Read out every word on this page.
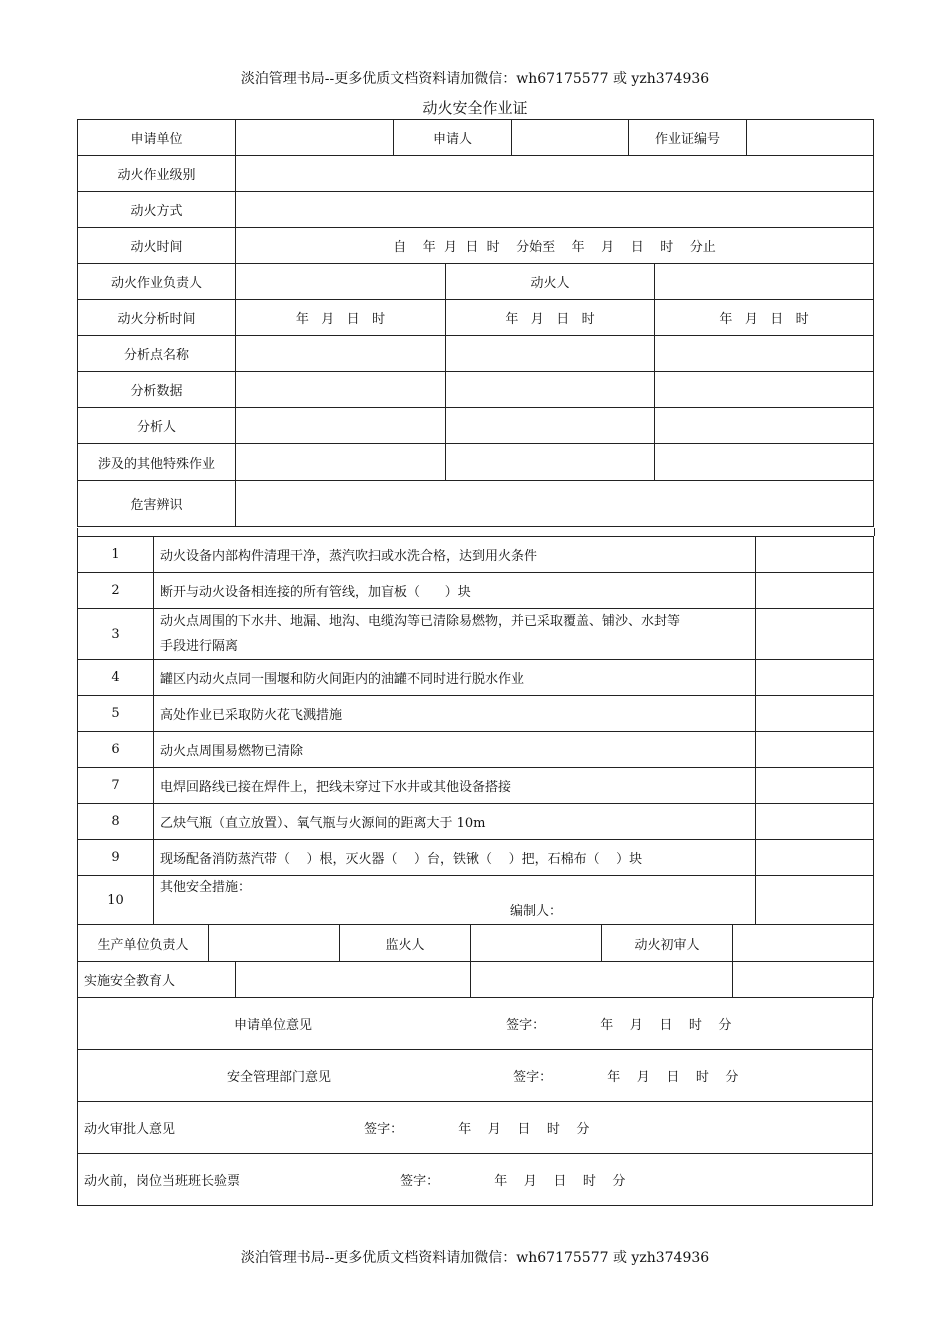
淡泊管理书局--更多优质文档资料请加微信：wh67175577 或 yzh374936
动火安全作业证
申请单位		申请人			作业证编号		
动火作业级别							
动火方式							
动火时间	自    年  月  日  时    分始至    年    月    日    时    分止						
动火作业负责人			动火人				
动火分析时间	年   月   日   时		年   月   日   时			年   月   日   时	
分析点名称							
分析数据							
分析人							
涉及的其他特殊作业							
危害辨识							
1	动火设备内部构件清理干净，蒸汽吹扫或水洗合格，达到用火条件	
2	断开与动火设备相连接的所有管线，加盲板（      ）块	
3	动火点周围的下水井、地漏、地沟、电缆沟等已清除易燃物，并已采取覆盖、铺沙、水封等
手段进行隔离	

4	罐区内动火点同一围堰和防火间距内的油罐不同时进行脱水作业	
5	高处作业已采取防火花飞溅措施	
6	动火点周围易燃物已清除	
7	电焊回路线已接在焊件上，把线未穿过下水井或其他设备搭接	
8	乙炔气瓶（直立放置）、氧气瓶与火源间的距离大于 10m	
9	现场配备消防蒸汽带（    ）根，灭火器（    ）台，铁锹（    ）把，石棉布（    ）块	
10	其他安全措施：
编制人：	

生产单位负责人			监火人		动火初审人	
实施安全教育人						
申请单位意见	签字：	年    月    日    时    分
安全管理部门意见	签字：	年    月    日    时    分
动火审批人意见	签字：	年    月    日    时    分
动火前，岗位当班班长验票	签字：	年    月    日    时    分
淡泊管理书局--更多优质文档资料请加微信：wh67175577 或 yzh374936
